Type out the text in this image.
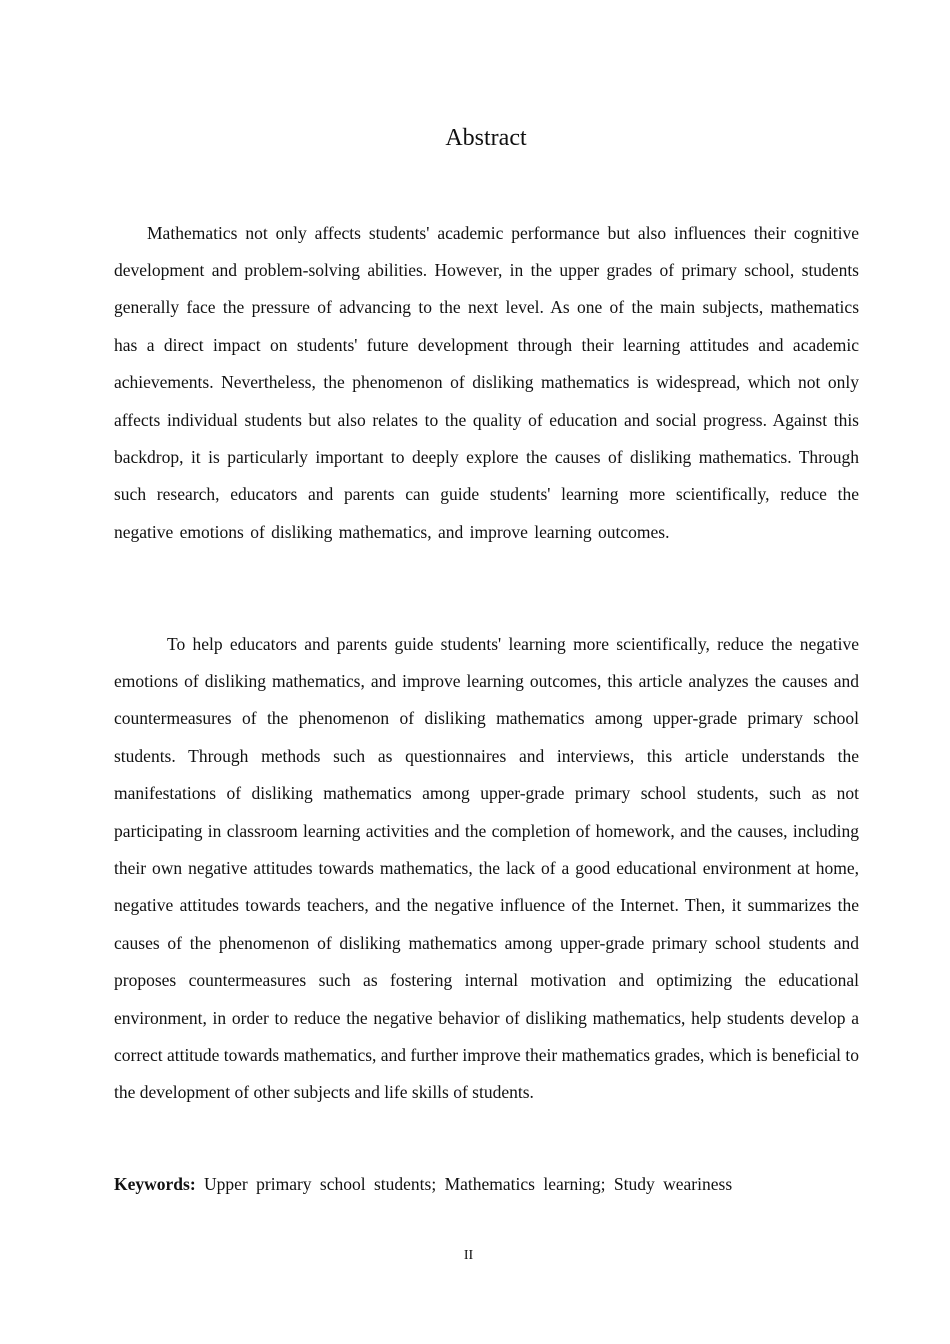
Abstract

Mathematics not only affects students' academic performance but also influences their cognitive development and problem-solving abilities. However, in the upper grades of primary school, students generally face the pressure of advancing to the next level. As one of the main subjects, mathematics has a direct impact on students' future development through their learning attitudes and academic achievements. Nevertheless, the phenomenon of disliking mathematics is widespread, which not only affects individual students but also relates to the quality of education and social progress. Against this backdrop, it is particularly important to deeply explore the causes of disliking mathematics. Through such research, educators and parents can guide students' learning more scientifically, reduce the negative emotions of disliking mathematics, and improve learning outcomes.

To help educators and parents guide students' learning more scientifically, reduce the negative emotions of disliking mathematics, and improve learning outcomes, this article analyzes the causes and countermeasures of the phenomenon of disliking mathematics among upper-grade primary school students. Through methods such as questionnaires and interviews, this article understands the manifestations of disliking mathematics among upper-grade primary school students, such as not participating in classroom learning activities and the completion of homework, and the causes, including their own negative attitudes towards mathematics, the lack of a good educational environment at home, negative attitudes towards teachers, and the negative influence of the Internet. Then, it summarizes the causes of the phenomenon of disliking mathematics among upper-grade primary school students and proposes countermeasures such as fostering internal motivation and optimizing the educational environment, in order to reduce the negative behavior of disliking mathematics, help students develop a correct attitude towards mathematics, and further improve their mathematics grades, which is beneficial to the development of other subjects and life skills of students.

Keywords: Upper primary school students; Mathematics learning; Study weariness
II
